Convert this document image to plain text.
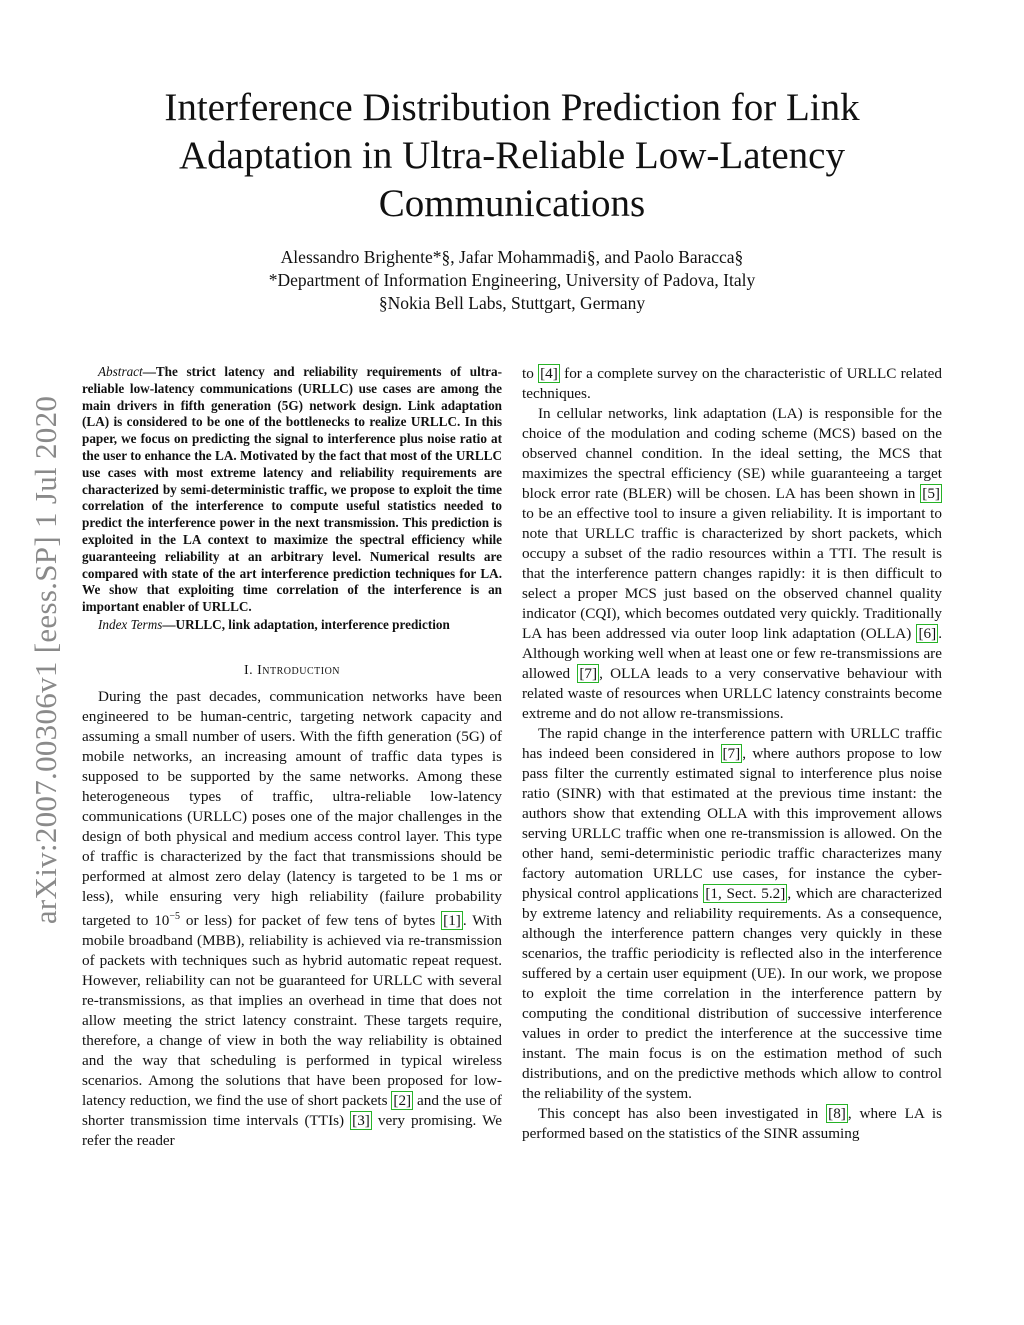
Interference Distribution Prediction for Link Adaptation in Ultra-Reliable Low-Latency Communications
Alessandro Brighente*§, Jafar Mohammadi§, and Paolo Baracca§
*Department of Information Engineering, University of Padova, Italy
§Nokia Bell Labs, Stuttgart, Germany
arXiv:2007.00306v1 [eess.SP] 1 Jul 2020

Abstract—The strict latency and reliability requirements of ultra-reliable low-latency communications (URLLC) use cases are among the main drivers in fifth generation (5G) network design. Link adaptation (LA) is considered to be one of the bottlenecks to realize URLLC. In this paper, we focus on predicting the signal to interference plus noise ratio at the user to enhance the LA. Motivated by the fact that most of the URLLC use cases with most extreme latency and reliability requirements are characterized by semi-deterministic traffic, we propose to exploit the time correlation of the interference to compute useful statistics needed to predict the interference power in the next transmission. This prediction is exploited in the LA context to maximize the spectral efficiency while guaranteeing reliability at an arbitrary level. Numerical results are compared with state of the art interference prediction techniques for LA. We show that exploiting time correlation of the interference is an important enabler of URLLC.

Index Terms—URLLC, link adaptation, interference prediction

I. Introduction

During the past decades, communication networks have been engineered to be human-centric, targeting network capacity and assuming a small number of users. With the fifth generation (5G) of mobile networks, an increasing amount of traffic data types is supposed to be supported by the same networks. Among these heterogeneous types of traffic, ultra-reliable low-latency communications (URLLC) poses one of the major challenges in the design of both physical and medium access control layer. This type of traffic is characterized by the fact that transmissions should be performed at almost zero delay (latency is targeted to be 1 ms or less), while ensuring very high reliability (failure probability targeted to $10^{-5}$ or less) for packet of few tens of bytes [1] . With mobile broadband (MBB), reliability is achieved via re-transmission of packets with techniques such as hybrid automatic repeat request. However, reliability can not be guaranteed for URLLC with several re-transmissions, as that implies an overhead in time that does not allow meeting the strict latency constraint. These targets require, therefore, a change of view in both the way reliability is obtained and the way that scheduling is performed in typical wireless scenarios. Among the solutions that have been proposed for low-latency reduction, we find the use of short packets [2] and the use of shorter transmission time intervals (TTIs) [3] very promising. We refer the reader

to [4] for a complete survey on the characteristic of URLLC related techniques.

In cellular networks, link adaptation (LA) is responsible for the choice of the modulation and coding scheme (MCS) based on the observed channel condition. In the ideal setting, the MCS that maximizes the spectral efficiency (SE) while guaranteeing a target block error rate (BLER) will be chosen. LA has been shown in [5] to be an effective tool to insure a given reliability. It is important to note that URLLC traffic is characterized by short packets, which occupy a subset of the radio resources within a TTI. The result is that the interference pattern changes rapidly: it is then difficult to select a proper MCS just based on the observed channel quality indicator (CQI), which becomes outdated very quickly. Traditionally LA has been addressed via outer loop link adaptation (OLLA) [6] . Although working well when at least one or few re-transmissions are allowed [7] , OLLA leads to a very conservative behaviour with related waste of resources when URLLC latency constraints become extreme and do not allow re-transmissions.

The rapid change in the interference pattern with URLLC traffic has indeed been considered in [7] , where authors propose to low pass filter the currently estimated signal to interference plus noise ratio (SINR) with that estimated at the previous time instant: the authors show that extending OLLA with this improvement allows serving URLLC traffic when one re-transmission is allowed. On the other hand, semi-deterministic periodic traffic characterizes many factory automation URLLC use cases, for instance the cyber-physical control applications [1, Sect. 5.2] , which are characterized by extreme latency and reliability requirements. As a consequence, although the interference pattern changes very quickly in these scenarios, the traffic periodicity is reflected also in the interference suffered by a certain user equipment (UE). In our work, we propose to exploit the time correlation in the interference pattern by computing the conditional distribution of successive interference values in order to predict the interference at the successive time instant. The main focus is on the estimation method of such distributions, and on the predictive methods which allow to control the reliability of the system.

This concept has also been investigated in [8] , where LA is performed based on the statistics of the SINR assuming
